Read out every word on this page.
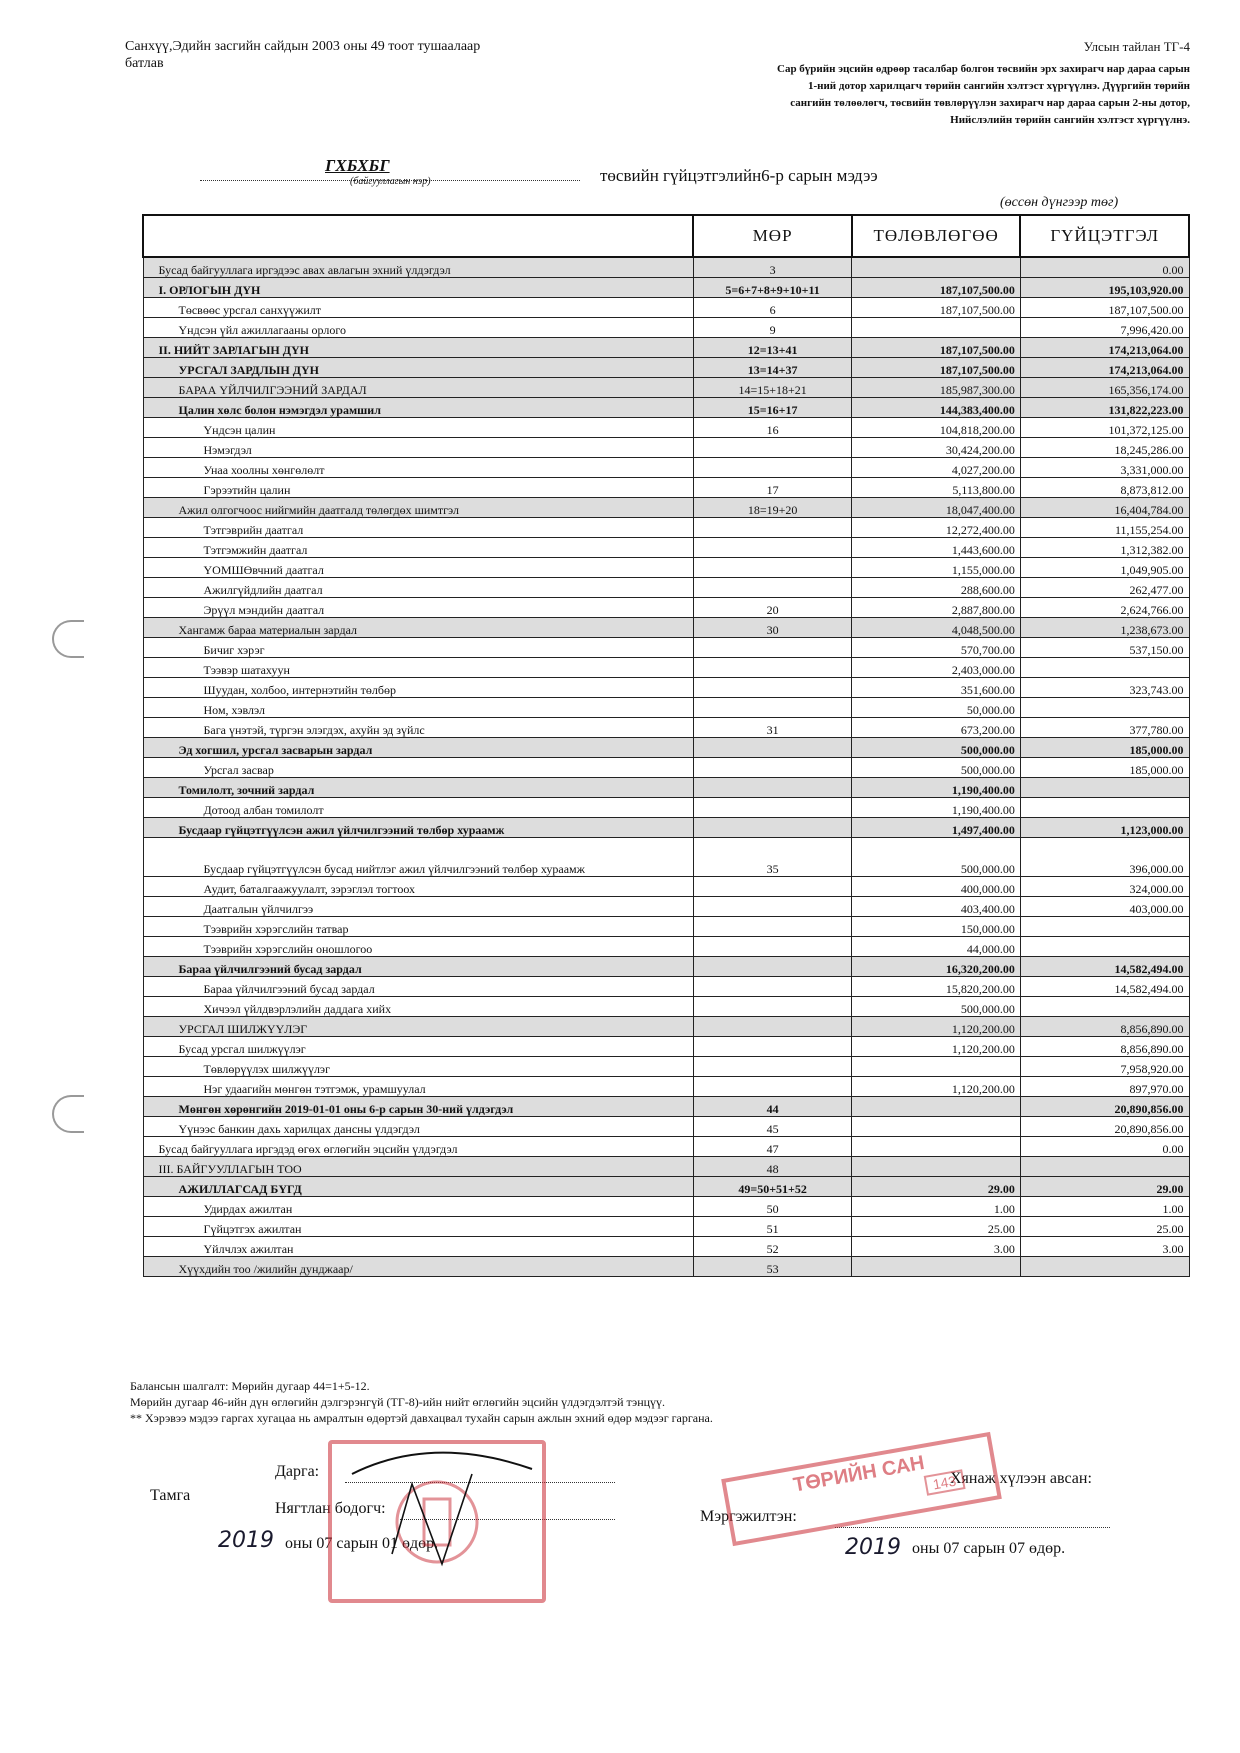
Санхүү,Эдийн засгийн сайдын 2003 оны 49 тоот тушаалаар
батлав
Улсын тайлан ТГ-4
Сар бүрийн эцсийн өдрөөр тасалбар болгон төсвийн эрх захирагч нар дараа сарын
1-ний дотор харилцагч төрийн сангийн хэлтэст хүргүүлнэ. Дүүргийн төрийн
сангийн төлөөлөгч, төсвийн төвлөрүүлэн захирагч нар дараа сарын 2-ны дотор,
Нийслэлийн төрийн сангийн хэлтэст хүргүүлнэ.
ГХБХБГ
(байгууллагын нэр)	төсвийн гүйцэтгэлийн6-р сарын мэдээ
(өссөн дүнгээр төг)
	МӨР	ТӨЛӨВЛӨГӨӨ	ГҮЙЦЭТГЭЛ
Бусад байгууллага иргэдээс авах авлагын эхний үлдэгдэл	3		0.00
I. ОРЛОГЫН ДҮН	5=6+7+8+9+10+11	187,107,500.00	195,103,920.00
Төсвөөс урсгал санхүүжилт	6	187,107,500.00	187,107,500.00
Үндсэн үйл ажиллагааны орлого	9		7,996,420.00
II. НИЙТ ЗАРЛАГЫН ДҮН	12=13+41	187,107,500.00	174,213,064.00
УРСГАЛ ЗАРДЛЫН ДҮН	13=14+37	187,107,500.00	174,213,064.00
БАРАА ҮЙЛЧИЛГЭЭНИЙ ЗАРДАЛ	14=15+18+21	185,987,300.00	165,356,174.00
Цалин хөлс болон нэмэгдэл урамшил	15=16+17	144,383,400.00	131,822,223.00
Үндсэн цалин	16	104,818,200.00	101,372,125.00
Нэмэгдэл		30,424,200.00	18,245,286.00
Унаа хоолны хөнгөлөлт		4,027,200.00	3,331,000.00
Гэрээтийн цалин	17	5,113,800.00	8,873,812.00
Ажил олгогчоос нийгмийн даатгалд төлөгдөх шимтгэл	18=19+20	18,047,400.00	16,404,784.00
Тэтгэврийн даатгал		12,272,400.00	11,155,254.00
Тэтгэмжийн даатгал		1,443,600.00	1,312,382.00
ҮОМШӨвчний даатгал		1,155,000.00	1,049,905.00
Ажилгүйдлийн даатгал		288,600.00	262,477.00
Эрүүл мэндийн даатгал	20	2,887,800.00	2,624,766.00
Хангамж бараа материалын зардал	30	4,048,500.00	1,238,673.00
Бичиг хэрэг		570,700.00	537,150.00
Тээвэр шатахуун		2,403,000.00	
Шуудан, холбоо, интернэтийн төлбөр		351,600.00	323,743.00
Ном, хэвлэл		50,000.00	
Бага үнэтэй, түргэн элэгдэх, ахуйн эд зүйлс	31	673,200.00	377,780.00
Эд хогшил, урсгал засварын зардал		500,000.00	185,000.00
Урсгал засвар		500,000.00	185,000.00
Томилолт, зочний зардал		1,190,400.00	
Дотоод албан томилолт		1,190,400.00	
Бусдаар гүйцэтгүүлсэн ажил үйлчилгээний төлбөр хураамж		1,497,400.00	1,123,000.00
Бусдаар гүйцэтгүүлсэн бусад нийтлэг ажил үйлчилгээний төлбөр хураамж	35	500,000.00	396,000.00
Аудит, баталгаажуулалт, зэрэглэл тогтоох		400,000.00	324,000.00
Даатгалын үйлчилгээ		403,400.00	403,000.00
Тээврийн хэрэгслийн татвар		150,000.00	
Тээврийн хэрэгслийн оношлогоо		44,000.00	
Бараа үйлчилгээний бусад зардал		16,320,200.00	14,582,494.00
Бараа үйлчилгээний бусад зардал		15,820,200.00	14,582,494.00
Хичээл үйлдвэрлэлийн даддага хийх		500,000.00	
УРСГАЛ ШИЛЖҮҮЛЭГ		1,120,200.00	8,856,890.00
Бусад урсгал шилжүүлэг		1,120,200.00	8,856,890.00
Төвлөрүүлэх шилжүүлэг			7,958,920.00
Нэг удаагийн мөнгөн тэтгэмж, урамшуулал		1,120,200.00	897,970.00
Мөнгөн хөрөнгийн 2019-01-01 оны 6-р сарын 30-ний үлдэгдэл	44		20,890,856.00
Үүнээс банкин дахь харилцах дансны үлдэгдэл	45		20,890,856.00
Бусад байгууллага иргэдэд өгөх өглөгийн эцсийн үлдэгдэл	47		0.00
III. БАЙГУУЛЛАГЫН ТОО	48		
АЖИЛЛАГСАД БҮГД	49=50+51+52	29.00	29.00
Удирдах ажилтан	50	1.00	1.00
Гүйцэтгэх ажилтан	51	25.00	25.00
Үйлчлэх ажилтан	52	3.00	3.00
Хүүхдийн тоо /жилийн дунджаар/	53		
Балансын шалгалт: Мөрийн дугаар 44=1+5-12.
Мөрийн дугаар 46-ийн дүн өглөгийн дэлгэрэнгүй (ТГ-8)-ийн нийт өглөгийн эцсийн үлдэгдэлтэй тэнцүү.
** Хэрэвээ мэдээ гаргах хугацаа нь амралтын өдөртэй давхацвал тухайн сарын ажлын эхний өдөр мэдээг гаргана.
Тамга
Дарга:
Нягтлан бодогч:
2019 оны 07 сарын 01 өдөр.
Хянаж хүлээн авсан:
Мэргэжилтэн:
2019 оны 07 сарын 07 өдөр.
ТӨРИЙН САН 143
